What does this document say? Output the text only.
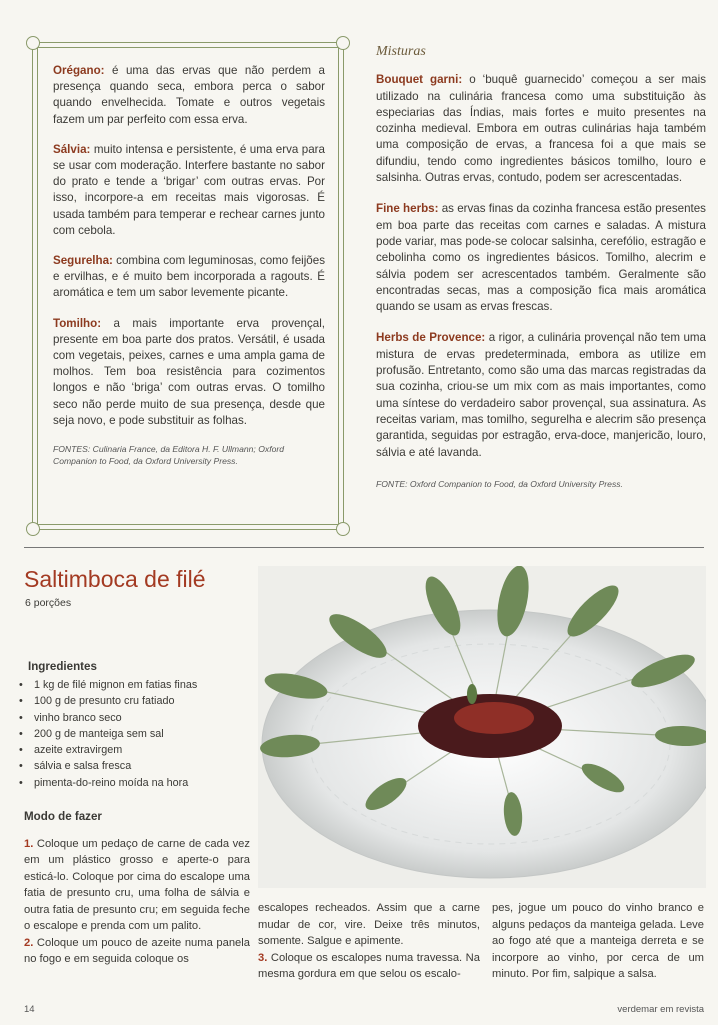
Orégano: é uma das ervas que não perdem a presença quando seca, embora perca o sabor quando envelhecida. Tomate e outros vegetais fazem um par perfeito com essa erva.

Sálvia: muito intensa e persistente, é uma erva para se usar com moderação. Interfere bastante no sabor do prato e tende a ‘brigar’ com outras ervas. Por isso, incorpore-a em receitas mais vigorosas. É usada também para temperar e rechear carnes junto com cebola.

Segurelha: combina com leguminosas, como feijões e ervilhas, e é muito bem incorporada a ragouts. É aromática e tem um sabor levemente picante.

Tomilho: a mais importante erva provençal, presente em boa parte dos pratos. Versátil, é usada com vegetais, peixes, carnes e uma ampla gama de molhos. Tem boa resistência para cozimentos longos e não ‘briga’ com outras ervas. O tomilho seco não perde muito de sua presença, desde que seja novo, e pode substituir as folhas.

FONTES: Culinaria France, da Editora H. F. Ullmann; Oxford Companion to Food, da Oxford University Press.
Misturas

Bouquet garni: o ‘buquê guarnecido’ começou a ser mais utilizado na culinária francesa como uma substituição às especiarias das Índias, mais fortes e muito presentes na cozinha medieval. Embora em outras culinárias haja também uma composição de ervas, a francesa foi a que mais se difundiu, tendo como ingredientes básicos tomilho, louro e salsinha. Outras ervas, contudo, podem ser acrescentadas.

Fine herbs: as ervas finas da cozinha francesa estão presentes em boa parte das receitas com carnes e saladas. A mistura pode variar, mas pode-se colocar salsinha, cerefólio, estragão e cebolinha como os ingredientes básicos. Tomilho, alecrim e sálvia podem ser acrescentados também. Geralmente são encontradas secas, mas a composição fica mais aromática quando se usam as ervas frescas.

Herbs de Provence: a rigor, a culinária provençal não tem uma mistura de ervas predeterminada, embora as utilize em profusão. Entretanto, como são uma das marcas registradas da sua cozinha, criou-se um mix com as mais importantes, como uma síntese do verdadeiro sabor provençal, sua assinatura. As receitas variam, mas tomilho, segurelha e alecrim são presença garantida, seguidas por estragão, erva-doce, manjericão, louro, sálvia e até lavanda.

FONTE: Oxford Companion to Food, da Oxford University Press.
Saltimboca de filé
6 porções
Ingredientes
• 1 kg de filé mignon em fatias finas
• 100 g de presunto cru fatiado
• vinho branco seco
• 200 g de manteiga sem sal
• azeite extravirgem
• sálvia e salsa fresca
• pimenta-do-reino moída na hora
Modo de fazer

1. Coloque um pedaço de carne de cada vez em um plástico grosso e aperte-o para esticá-lo. Coloque por cima do escalope uma fatia de presunto cru, uma folha de sálvia e outra fatia de presunto cru; em seguida feche o escalope e prenda com um palito.

2. Coloque um pouco de azeite numa panela no fogo e em seguida coloque os

escalopes recheados. Assim que a carne mudar de cor, vire. Deixe três minutos, somente. Salgue e apimente.

3. Coloque os escalopes numa travessa. Na mesma gordura em que selou os escalo-

pes, jogue um pouco do vinho branco e alguns pedaços da manteiga gelada. Leve ao fogo até que a manteiga derreta e se incorpore ao vinho, por cerca de um minuto. Por fim, salpique a salsa.

14	verdemar em revista
